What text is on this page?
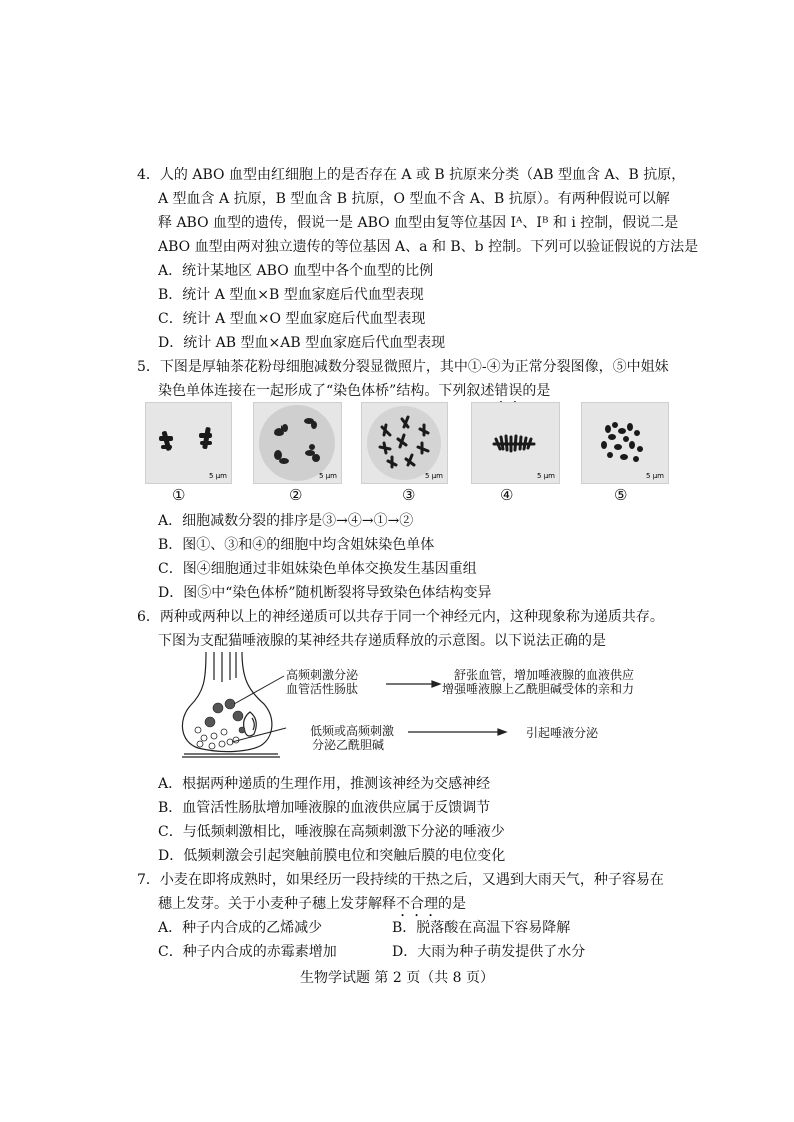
4．人的 ABO 血型由红细胞上的是否存在 A 或 B 抗原来分类（AB 型血含 A、B 抗原，
A 型血含 A 抗原，B 型血含 B 抗原，O 型血不含 A、B 抗原）。有两种假说可以解
释 ABO 血型的遗传，假说一是 ABO 血型由复等位基因 Iᴬ、Iᴮ 和 i 控制，假说二是
ABO 血型由两对独立遗传的等位基因 A、a 和 B、b 控制。下列可以验证假说的方法是
A．统计某地区 ABO 血型中各个血型的比例
B．统计 A 型血×B 型血家庭后代血型表现
C．统计 A 型血×O 型血家庭后代血型表现
D．统计 AB 型血×AB 型血家庭后代血型表现
5．下图是厚轴茶花粉母细胞减数分裂显微照片，其中①-④为正常分裂图像，⑤中姐妹
染色单体连接在一起形成了“染色体桥”结构。下列叙述错误的是
5 μm	5 μm	5 μm	5 μm	5 μm
①	②	③	④	⑤
A．细胞减数分裂的排序是③→④→①→②
B．图①、③和④的细胞中均含姐妹染色单体
C．图④细胞通过非姐妹染色单体交换发生基因重组
D．图⑤中“染色体桥”随机断裂将导致染色体结构变异
6．两种或两种以上的神经递质可以共存于同一个神经元内，这种现象称为递质共存。
下图为支配猫唾液腺的某神经共存递质释放的示意图。以下说法正确的是
高频刺激分泌
血管活性肠肽
舒张血管，增加唾液腺的血液供应
增强唾液腺上乙酰胆碱受体的亲和力
低频或高频刺激
分泌乙酰胆碱
引起唾液分泌
A．根据两种递质的生理作用，推测该神经为交感神经
B．血管活性肠肽增加唾液腺的血液供应属于反馈调节
C．与低频刺激相比，唾液腺在高频刺激下分泌的唾液少
D．低频刺激会引起突触前膜电位和突触后膜的电位变化
7．小麦在即将成熟时，如果经历一段持续的干热之后，又遇到大雨天气，种子容易在
穗上发芽。关于小麦种子穗上发芽解释不合理的是
A．种子内合成的乙烯减少	B．脱落酸在高温下容易降解
C．种子内合成的赤霉素增加	D．大雨为种子萌发提供了水分
生物学试题 第 2 页（共 8 页）
